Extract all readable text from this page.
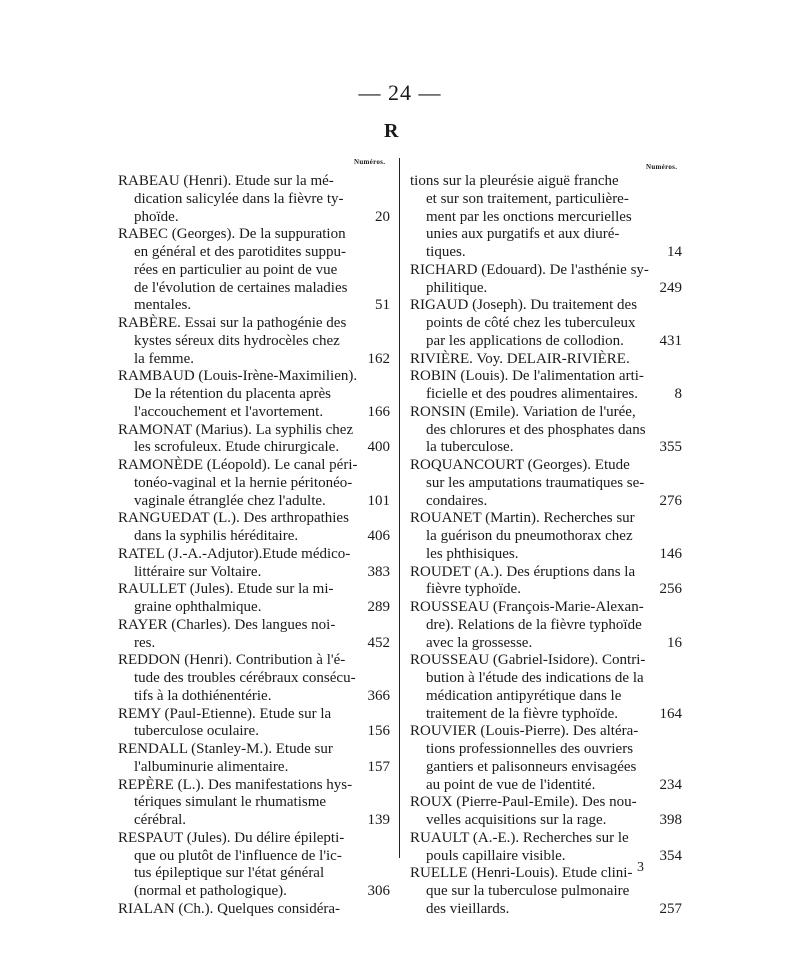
— 24 —
R
Numéros.
Numéros.
RABEAU (Henri). Etude sur la mé-
dication salicylée dans la fièvre ty-
phoïde.	20
RABEC (Georges). De la suppuration
en général et des parotidites suppu-
rées en particulier au point de vue
de l'évolution de certaines maladies
mentales.	51
RABÈRE. Essai sur la pathogénie des
kystes séreux dits hydrocèles chez
la femme.	162
RAMBAUD (Louis-Irène-Maximilien).
De la rétention du placenta après
l'accouchement et l'avortement.	166
RAMONAT (Marius). La syphilis chez
les scrofuleux. Etude chirurgicale. 400
RAMONÈDE (Léopold). Le canal péri-
tonéo-vaginal et la hernie péritonéo-
vaginale étranglée chez l'adulte.	101
RANGUEDAT (L.). Des arthropathies
dans la syphilis héréditaire.	406
RATEL (J.-A.-Adjutor).Etude médico-
littéraire sur Voltaire.	383
RAULLET (Jules). Etude sur la mi-
graine ophthalmique.	289
RAYER (Charles). Des langues noi-
res.	452
REDDON (Henri). Contribution à l'é-
tude des troubles cérébraux consécu-
tifs à la dothiénentérie.	366
REMY (Paul-Etienne). Etude sur la
tuberculose oculaire.	156
RENDALL (Stanley-M.). Etude sur
l'albuminurie alimentaire.	157
REPÈRE (L.). Des manifestations hys-
tériques simulant le rhumatisme
cérébral.	139
RESPAUT (Jules). Du délire épilepti-
que ou plutôt de l'influence de l'ic-
tus épileptique sur l'état général
(normal et pathologique).	306
RIALAN (Ch.). Quelques considéra-
tions sur la pleurésie aiguë franche
et sur son traitement, particulière-
ment par les onctions mercurielles
unies aux purgatifs et aux diuré-
tiques.	14
RICHARD (Edouard). De l'asthénie sy-
philitique.	249
RIGAUD (Joseph). Du traitement des
points de côté chez les tuberculeux
par les applications de collodion. 431
RIVIÈRE. Voy. DELAIR-RIVIÈRE.
ROBIN (Louis). De l'alimentation arti-
ficielle et des poudres alimentaires. 8
RONSIN (Emile). Variation de l'urée,
des chlorures et des phosphates dans
la tuberculose.	355
ROQUANCOURT (Georges). Etude
sur les amputations traumatiques se-
condaires.	276
ROUANET (Martin). Recherches sur
la guérison du pneumothorax chez
les phthisiques.	146
ROUDET (A.). Des éruptions dans la
fièvre typhoïde.	256
ROUSSEAU (François-Marie-Alexan-
dre). Relations de la fièvre typhoïde
avec la grossesse.	16
ROUSSEAU (Gabriel-Isidore). Contri-
bution à l'étude des indications de la
médication antipyrétique dans le
traitement de la fièvre typhoïde.	164
ROUVIER (Louis-Pierre). Des altéra-
tions professionnelles des ouvriers
gantiers et palisonneurs envisagées
au point de vue de l'identité.	234
ROUX (Pierre-Paul-Emile). Des nou-
velles acquisitions sur la rage.	398
RUAULT (A.-E.). Recherches sur le
pouls capillaire visible.	354
RUELLE (Henri-Louis). Etude clini-
que sur la tuberculose pulmonaire
des vieillards.	257
3
